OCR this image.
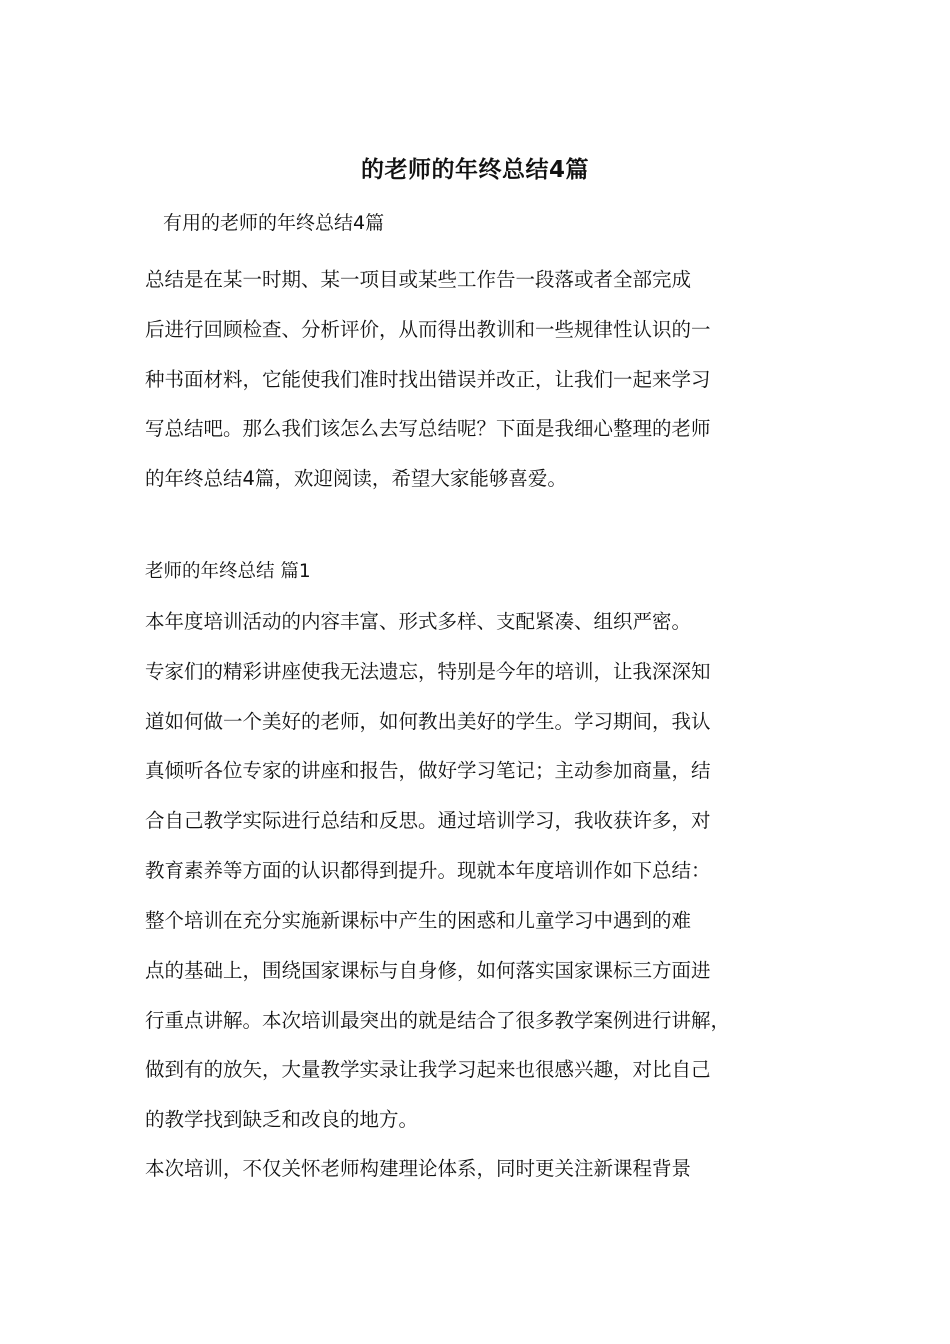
的老师的年终总结4篇
有用的老师的年终总结4篇
总结是在某一时期、某一项目或某些工作告一段落或者全部完成
后进行回顾检查、分析评价，从而得出教训和一些规律性认识的一
种书面材料，它能使我们准时找出错误并改正，让我们一起来学习
写总结吧。那么我们该怎么去写总结呢？下面是我细心整理的老师
的年终总结4篇，欢迎阅读，希望大家能够喜爱。
老师的年终总结 篇1
本年度培训活动的内容丰富、形式多样、支配紧凑、组织严密。
专家们的精彩讲座使我无法遗忘，特别是今年的培训，让我深深知
道如何做一个美好的老师，如何教出美好的学生。学习期间，我认
真倾听各位专家的讲座和报告，做好学习笔记；主动参加商量，结
合自己教学实际进行总结和反思。通过培训学习，我收获许多，对
教育素养等方面的认识都得到提升。现就本年度培训作如下总结：
整个培训在充分实施新课标中产生的困惑和儿童学习中遇到的难
点的基础上，围绕国家课标与自身修，如何落实国家课标三方面进
行重点讲解。本次培训最突出的就是结合了很多教学案例进行讲解，
做到有的放矢，大量教学实录让我学习起来也很感兴趣，对比自己
的教学找到缺乏和改良的地方。
本次培训，不仅关怀老师构建理论体系，同时更关注新课程背景
